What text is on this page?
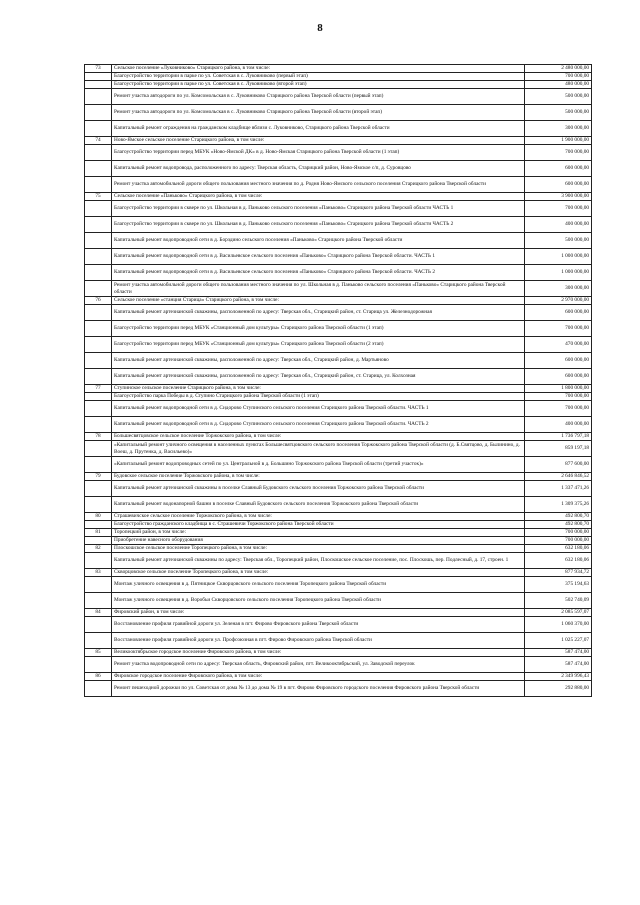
8
73	Сельское поселение «Луковниково» Старицкого района, в том числе:	2 480 000,00
	Благоустройство территории в парке по ул. Советская в с. Луковниково (первый этап)	700 000,00
	Благоустройство территории в парке по ул. Советская в с. Луковниково (второй этап)	480 000,00
	Ремонт участка автодороги по ул. Комсомольская в с. Луковниково Старицкого района Тверской области (первый этап)	500 000,00
	Ремонт участка автодороги по ул. Комсомольская в с. Луковниково Старицкого района Тверской области (второй этап)	500 000,00
	Капитальный ремонт ограждения на гражданском кладбище вблизи с. Луковниково, Старицкого района Тверской области	300 000,00
74	Ново-Ямское сельское поселение Старицкого района, в том числе:	1 900 000,00
	Благоустройство территории перед МБУК «Ново-Ямской ДК» в д. Ново-Ямская Старицкого района Тверской области (1 этап)	700 000,00
	Капитальный ремонт водопровода, расположенного по адресу: Тверская область, Старицкий район, Ново-Ямское с/п, д. Суровцово	600 000,00
	Ремонт участка автомобильной дороги общего пользования местного значения по д. Родня Ново-Ямского сельского поселения Старицкого района Тверской области	600 000,00
75	Сельское поселение «Паньково» Старицкого района, в том числе:	3 900 000,00
	Благоустройство территории в сквере по ул. Школьная в д. Паньково сельского поселения «Паньково» Старицкого района Тверской области ЧАСТЬ 1	700 000,00
	Благоустройство территории в сквере по ул. Школьная в д. Паньково сельского поселения «Паньково» Старицкого района Тверской области ЧАСТЬ 2	400 000,00
	Капитальный ремонт водопроводной сети в д. Борздино сельского поселения «Паньково» Старицкого района Тверской области	500 000,00
	Капитальный ремонт водопроводной сети в д. Васильевское сельского поселения «Паньково» Старицкого района Тверской области. ЧАСТЬ 1	1 000 000,00
	Капитальный ремонт водопроводной сети в д. Васильевское сельского поселения «Паньково» Старицкого района Тверской области. ЧАСТЬ 2	1 000 000,00
	Ремонт участка автомобильной дороги общего пользования местного значения по ул. Школьная в д. Паньково сельского поселения «Паньково» Старицкого района Тверской области	300 000,00
76	Сельское поселение «станция Старица» Старицкого района, в том числе:	2 970 000,00
	Капитальный ремонт артезианской скважины, расположенной по адресу: Тверская обл., Старицкий район, ст. Старица ул. Железнодорожная	600 000,00
	Благоустройство территории перед МБУК «Станционный дом культуры» Старицкого района Тверской области (1 этап)	700 000,00
	Благоустройство территории перед МБУК «Станционный дом культуры» Старицкого района Тверской области (2 этап)	470 000,00
	Капитальный ремонт артезианской скважины, расположенной по адресу: Тверская обл., Старицкий район, д. Мартьяново	600 000,00
	Капитальный ремонт артезианской скважины, расположенной по адресу: Тверская обл., Старицкий район, ст. Старица, ул. Колхозная	600 000,00
77	Ступинское сельское поселение Старицкого района, в том числе:	1 800 000,00
	Благоустройство парка Победы в д. Ступино Старицкого района Тверской области (1 этап)	700 000,00
	Капитальный ремонт водопроводной сети в д. Сидорово Ступинского сельского поселения Старицкого района Тверской области. ЧАСТЬ 1	700 000,00
	Капитальный ремонт водопроводной сети в д. Сидорово Ступинского сельского поселения Старицкого района Тверской области. ЧАСТЬ 2	400 000,00
78	Большесвятцовское сельское поселение Торжокского района, в том числе:	1 736 797,18
	«Капитальный ремонт уличного освещения в населенных пунктах Большесвятцовского сельского поселения Торжокского района Тверской области (д. Б.Святцово, д. Былинино, д. Воеш, д. Прутенка, д. Васильево)»	859 197,18
	«Капитальный ремонт водопроводных сетей по ул. Центральной в д. Большино Торжокского района Тверской области (третий участок)»	877 600,00
79	Будовское сельское поселение Торжокского района, в том числе:	2 646 846,52
	Капитальный ремонт артезианской скважины в поселке Славный Будовского сельского поселения Торжокского района Тверской области	1 337 471,26
	Капитальный ремонт водонапорной башни в поселке Славный Будовского сельского поселения Торжокского района Тверской области	1 309 375,26
80	Страшевичское сельское поселение Торжокского района, в том числе:	492 800,70
	Благоустройство гражданского кладбища в с. Страшевичи Торжокского района Тверской области	492 800,70
81	Торопецкий район, в том числе:	700 000,00
	Приобретение навесного оборудования	700 000,00
82	Плоскошское сельское поселение Торопецкого района, в том числе:	632 180,06
	Капитальный ремонт артезианской скважины по адресу: Тверская обл., Торопецкий район, Плоскошское сельское поселение, пос. Плоскошь, пер. Подлесный, д. 17, строен. 1	632 180,06
83	Скворцовское сельское поселение Торопецкого района, в том числе:	877 934,72
	Монтаж уличного освещения в д. Пятницкое Скворцовского сельского поселения Торопецкого района Тверской области	375 194,63
	Монтаж уличного освещения в д. Воробьи Скворцовского сельского поселения Торопецкого района Тверской области	502 740,09
84	Фировский район, в том числе:	2 085 597,07
	Восстановление профиля гравийной дороги ул. Зеленая в пгт. Фирово Фировского района Тверской области	1 060 370,00
	Восстановление профиля гравийной дороги ул. Профсоюзная в пгт. Фирово Фировского района Тверской области	1 025 227,07
85	Великооктябрьское городское поселение Фировского района, в том числе:	587 474,00
	Ремонт участка водопроводной сети по адресу: Тверская область, Фировский район, пгт. Великооктябрьский, ул. Заводской переулок	587 474,00
86	Фировское городское поселение Фировского района, в том числе:	2 349 996,43
	Ремонт пешеходной дорожки по ул. Советская от дома № 13 до дома № 19 в пгт. Фирово Фировского городского поселения Фировского района Тверской области	292 880,00
